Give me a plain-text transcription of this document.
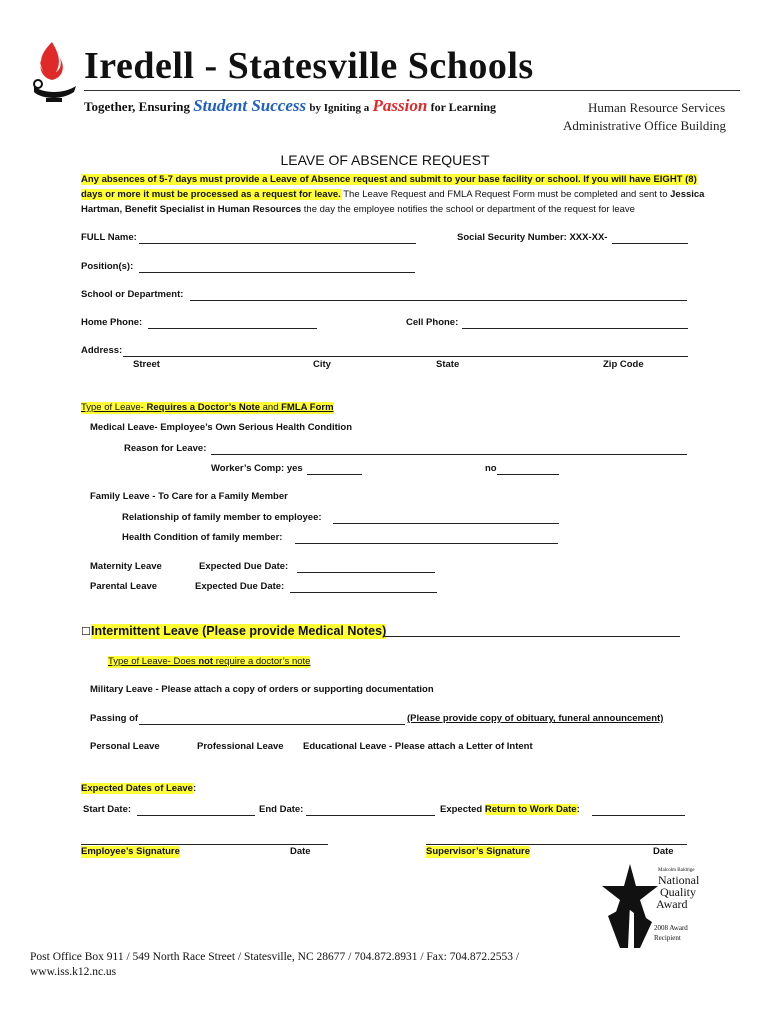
Iredell - Statesville Schools
Together, Ensuring Student Success by Igniting a Passion for Learning	Human Resource Services
Administrative Office Building
LEAVE OF ABSENCE REQUEST
Any absences of 5-7 days must provide a Leave of Absence request and submit to your base facility or school. If you will have EIGHT (8) days or more it must be processed as a request for leave. The Leave Request and FMLA Request Form must be completed and sent to Jessica Hartman, Benefit Specialist in Human Resources the day the employee notifies the school or department of the request for leave
FULL Name:	Social Security Number: XXX-XX-
Position(s):
School or Department:
Home Phone:	Cell Phone:
Address:
Street	City	State	Zip Code
Type of Leave- Requires a Doctor’s Note and FMLA Form
Medical Leave- Employee’s Own Serious Health Condition
Reason for Leave:
Worker’s Comp: yes	no
Family Leave - To Care for a Family Member
Relationship of family member to employee:
Health Condition of family member:
Maternity Leave	Expected Due Date:
Parental Leave	Expected Due Date:
☐ Intermittent Leave (Please provide Medical Notes)
Type of Leave- Does not require a doctor’s note
Military Leave - Please attach a copy of orders or supporting documentation
Passing of	(Please provide copy of obituary, funeral announcement)
Personal Leave	Professional Leave Educational Leave - Please attach a Letter of Intent
Expected Dates of Leave:
Start Date:	End Date:	Expected Return to Work Date:
Employee’s Signature	Date	Supervisor’s Signature	Date
Malcolm Baldrige
National
Quality
Award
2008 Award
Recipient
Post Office Box 911 / 549 North Race Street / Statesville, NC 28677 / 704.872.8931 / Fax: 704.872.2553 /
www.iss.k12.nc.us
